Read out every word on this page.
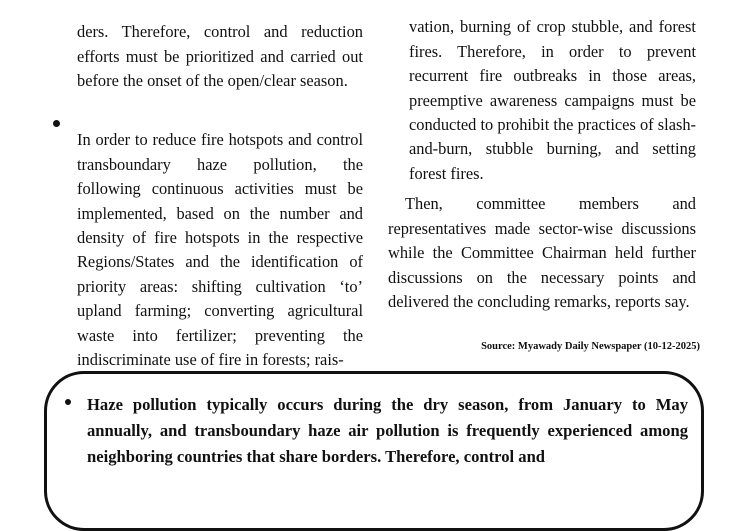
ders. Therefore, control and reduction efforts must be prioritized and carried out before the onset of the open/clear season.

In order to reduce fire hotspots and control transboundary haze pollution, the following continuous activities must be implemented, based on the number and density of fire hotspots in the respective Regions/States and the identification of priority areas: shifting cultivation ‘to’ upland farming; converting agricultural waste into fertilizer; preventing the indiscriminate use of fire in forests; rais-

vation, burning of crop stubble, and forest fires. Therefore, in order to prevent recurrent fire outbreaks in those areas, preemptive awareness campaigns must be conducted to prohibit the practices of slash-and-burn, stubble burning, and setting forest fires.

Then, committee members and representatives made sector-wise discussions while the Committee Chairman held further discussions on the necessary points and delivered the concluding remarks, reports say.

Source: Myawady Daily Newspaper (10-12-2025)

Haze pollution typically occurs during the dry season, from January to May annually, and transboundary haze air pollution is frequently experienced among neighboring countries that share borders. Therefore, control and
